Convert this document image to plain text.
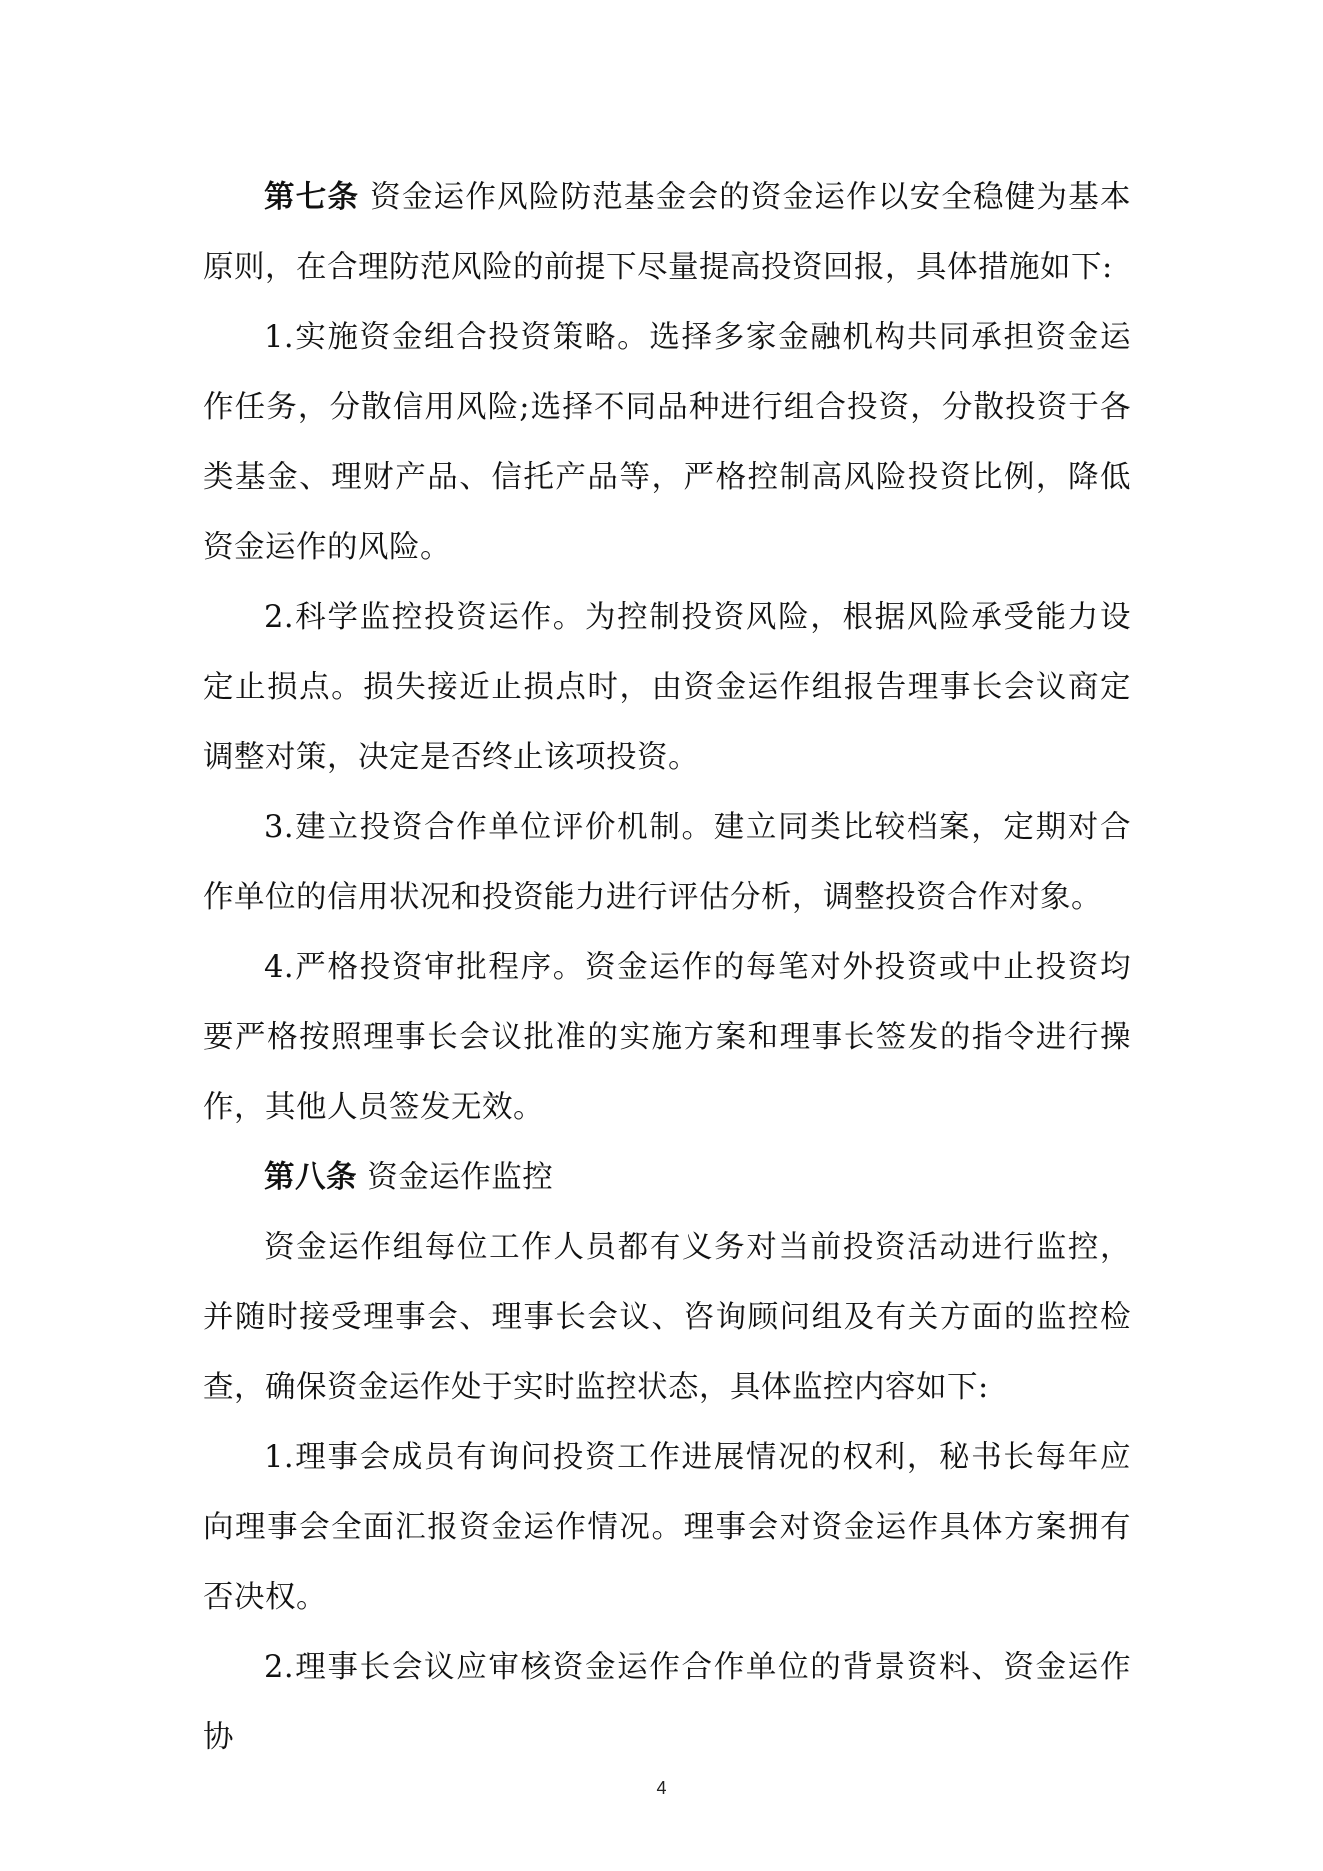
第七条 资金运作风险防范基金会的资金运作以安全稳健为基本原则，在合理防范风险的前提下尽量提高投资回报，具体措施如下:

1.实施资金组合投资策略。选择多家金融机构共同承担资金运作任务，分散信用风险;选择不同品种进行组合投资，分散投资于各类基金、理财产品、信托产品等，严格控制高风险投资比例，降低资金运作的风险。

2.科学监控投资运作。为控制投资风险，根据风险承受能力设定止损点。损失接近止损点时，由资金运作组报告理事长会议商定调整对策，决定是否终止该项投资。

3.建立投资合作单位评价机制。建立同类比较档案，定期对合作单位的信用状况和投资能力进行评估分析，调整投资合作对象。

4.严格投资审批程序。资金运作的每笔对外投资或中止投资均要严格按照理事长会议批准的实施方案和理事长签发的指令进行操作，其他人员签发无效。

第八条 资金运作监控

资金运作组每位工作人员都有义务对当前投资活动进行监控，并随时接受理事会、理事长会议、咨询顾问组及有关方面的监控检查，确保资金运作处于实时监控状态，具体监控内容如下:

1.理事会成员有询问投资工作进展情况的权利，秘书长每年应向理事会全面汇报资金运作情况。理事会对资金运作具体方案拥有否决权。

2.理事长会议应审核资金运作合作单位的背景资料、资金运作协

4
